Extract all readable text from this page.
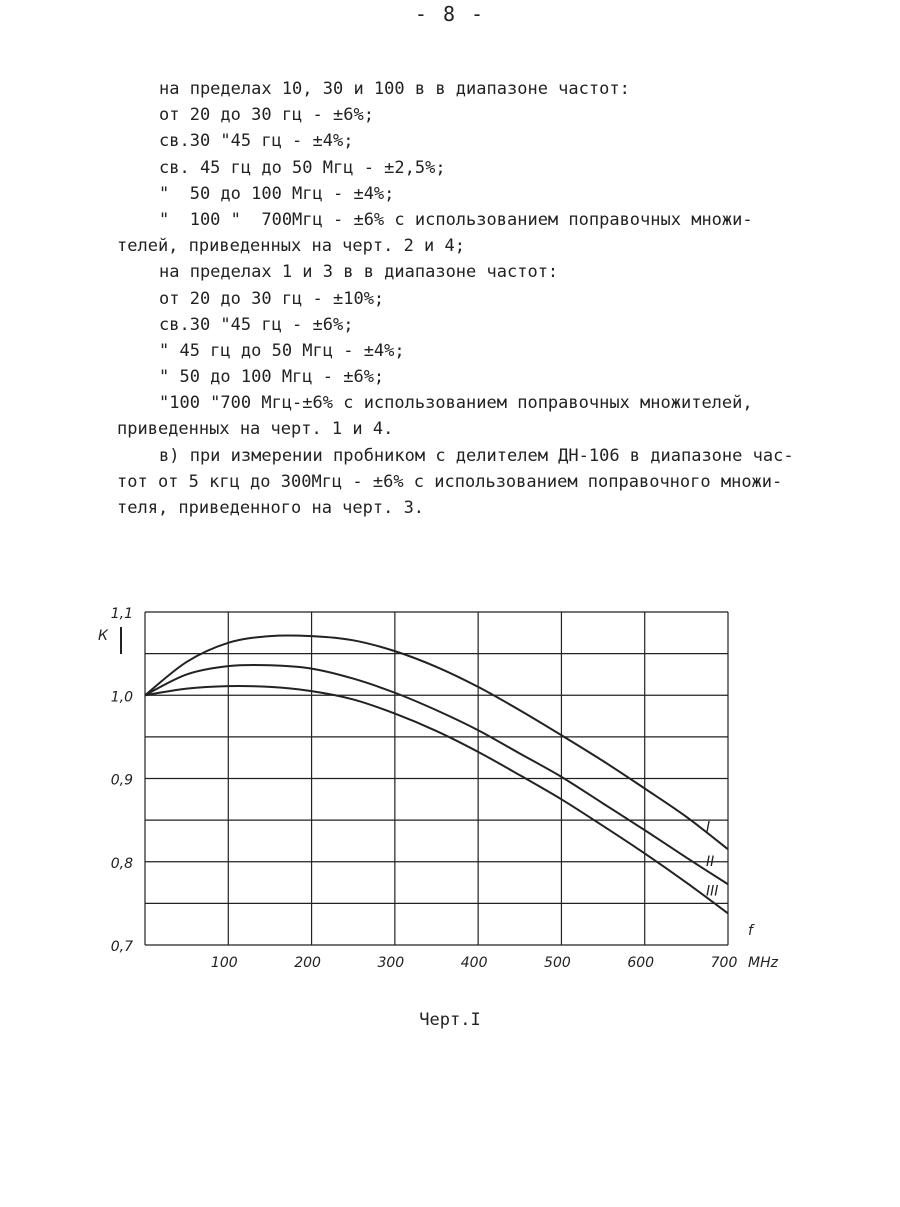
- 8 -
на пределах 10, 30 и 100 в в диапазоне частот:
от 20 до 30 гц - ±6%;
св.30 "45 гц - ±4%;
св. 45 гц до 50 Мгц - ±2,5%;
"  50 до 100 Мгц - ±4%;
"  100 "  700Мгц - ±6% с использованием поправочных множи-
телей, приведенных на черт. 2 и 4;
на пределах 1 и 3 в в диапазоне частот:
от 20 до 30 гц - ±10%;
св.30 "45 гц - ±6%;
" 45 гц до 50 Мгц - ±4%;
" 50 до 100 Мгц - ±6%;
"100 "700 Мгц-±6% с использованием поправочных множителей,
приведенных на черт. 1 и 4.
в) при измерении пробником с делителем ДН-106 в диапазоне час-
тот от 5 кгц до 300Мгц - ±6% с использованием поправочного множи-
теля, приведенного на черт. 3.
100	200	300	400	500	600	700 MHz
0,7
0,8
0,9
1,0
1,1
К
f
I
II
III
Черт.I
